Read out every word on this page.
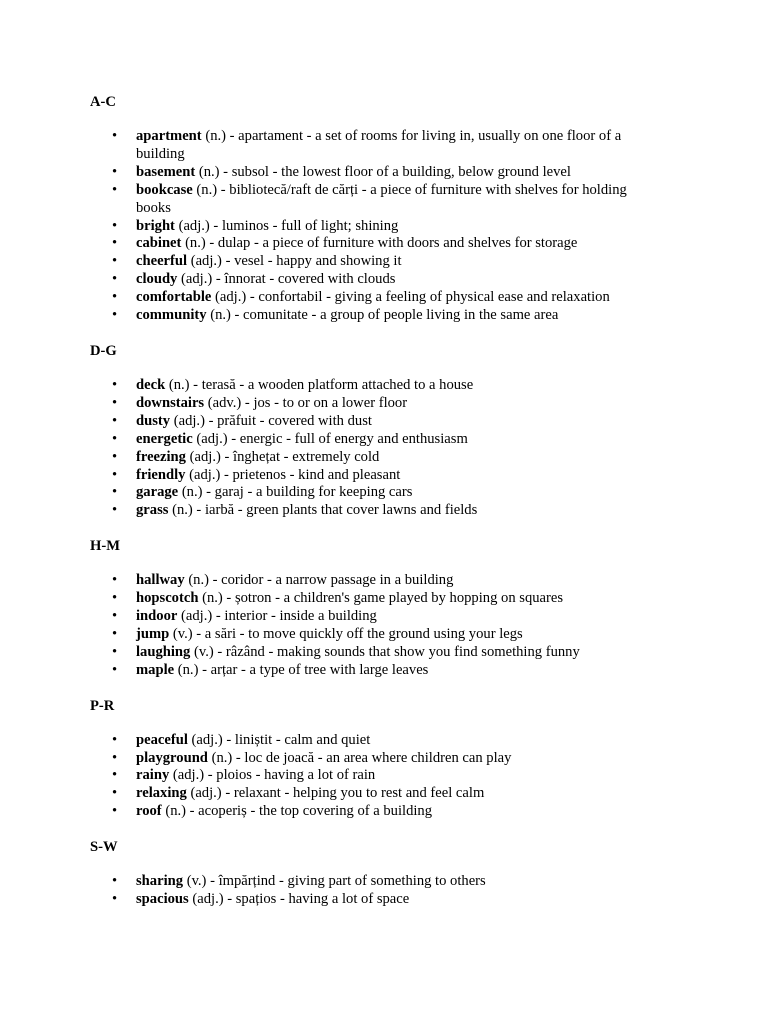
A-C

• apartment (n.) - apartament - a set of rooms for living in, usually on one floor of a building
• basement (n.) - subsol - the lowest floor of a building, below ground level
• bookcase (n.) - bibliotecă/raft de cărți - a piece of furniture with shelves for holding books
• bright (adj.) - luminos - full of light; shining
• cabinet (n.) - dulap - a piece of furniture with doors and shelves for storage
• cheerful (adj.) - vesel - happy and showing it
• cloudy (adj.) - înnorat - covered with clouds
• comfortable (adj.) - confortabil - giving a feeling of physical ease and relaxation
• community (n.) - comunitate - a group of people living in the same area

D-G

• deck (n.) - terasă - a wooden platform attached to a house
• downstairs (adv.) - jos - to or on a lower floor
• dusty (adj.) - prăfuit - covered with dust
• energetic (adj.) - energic - full of energy and enthusiasm
• freezing (adj.) - înghețat - extremely cold
• friendly (adj.) - prietenos - kind and pleasant
• garage (n.) - garaj - a building for keeping cars
• grass (n.) - iarbă - green plants that cover lawns and fields

H-M

• hallway (n.) - coridor - a narrow passage in a building
• hopscotch (n.) - șotron - a children's game played by hopping on squares
• indoor (adj.) - interior - inside a building
• jump (v.) - a sări - to move quickly off the ground using your legs
• laughing (v.) - râzând - making sounds that show you find something funny
• maple (n.) - arțar - a type of tree with large leaves

P-R

• peaceful (adj.) - liniștit - calm and quiet
• playground (n.) - loc de joacă - an area where children can play
• rainy (adj.) - ploios - having a lot of rain
• relaxing (adj.) - relaxant - helping you to rest and feel calm
• roof (n.) - acoperiș - the top covering of a building

S-W

• sharing (v.) - împărțind - giving part of something to others
• spacious (adj.) - spațios - having a lot of space
